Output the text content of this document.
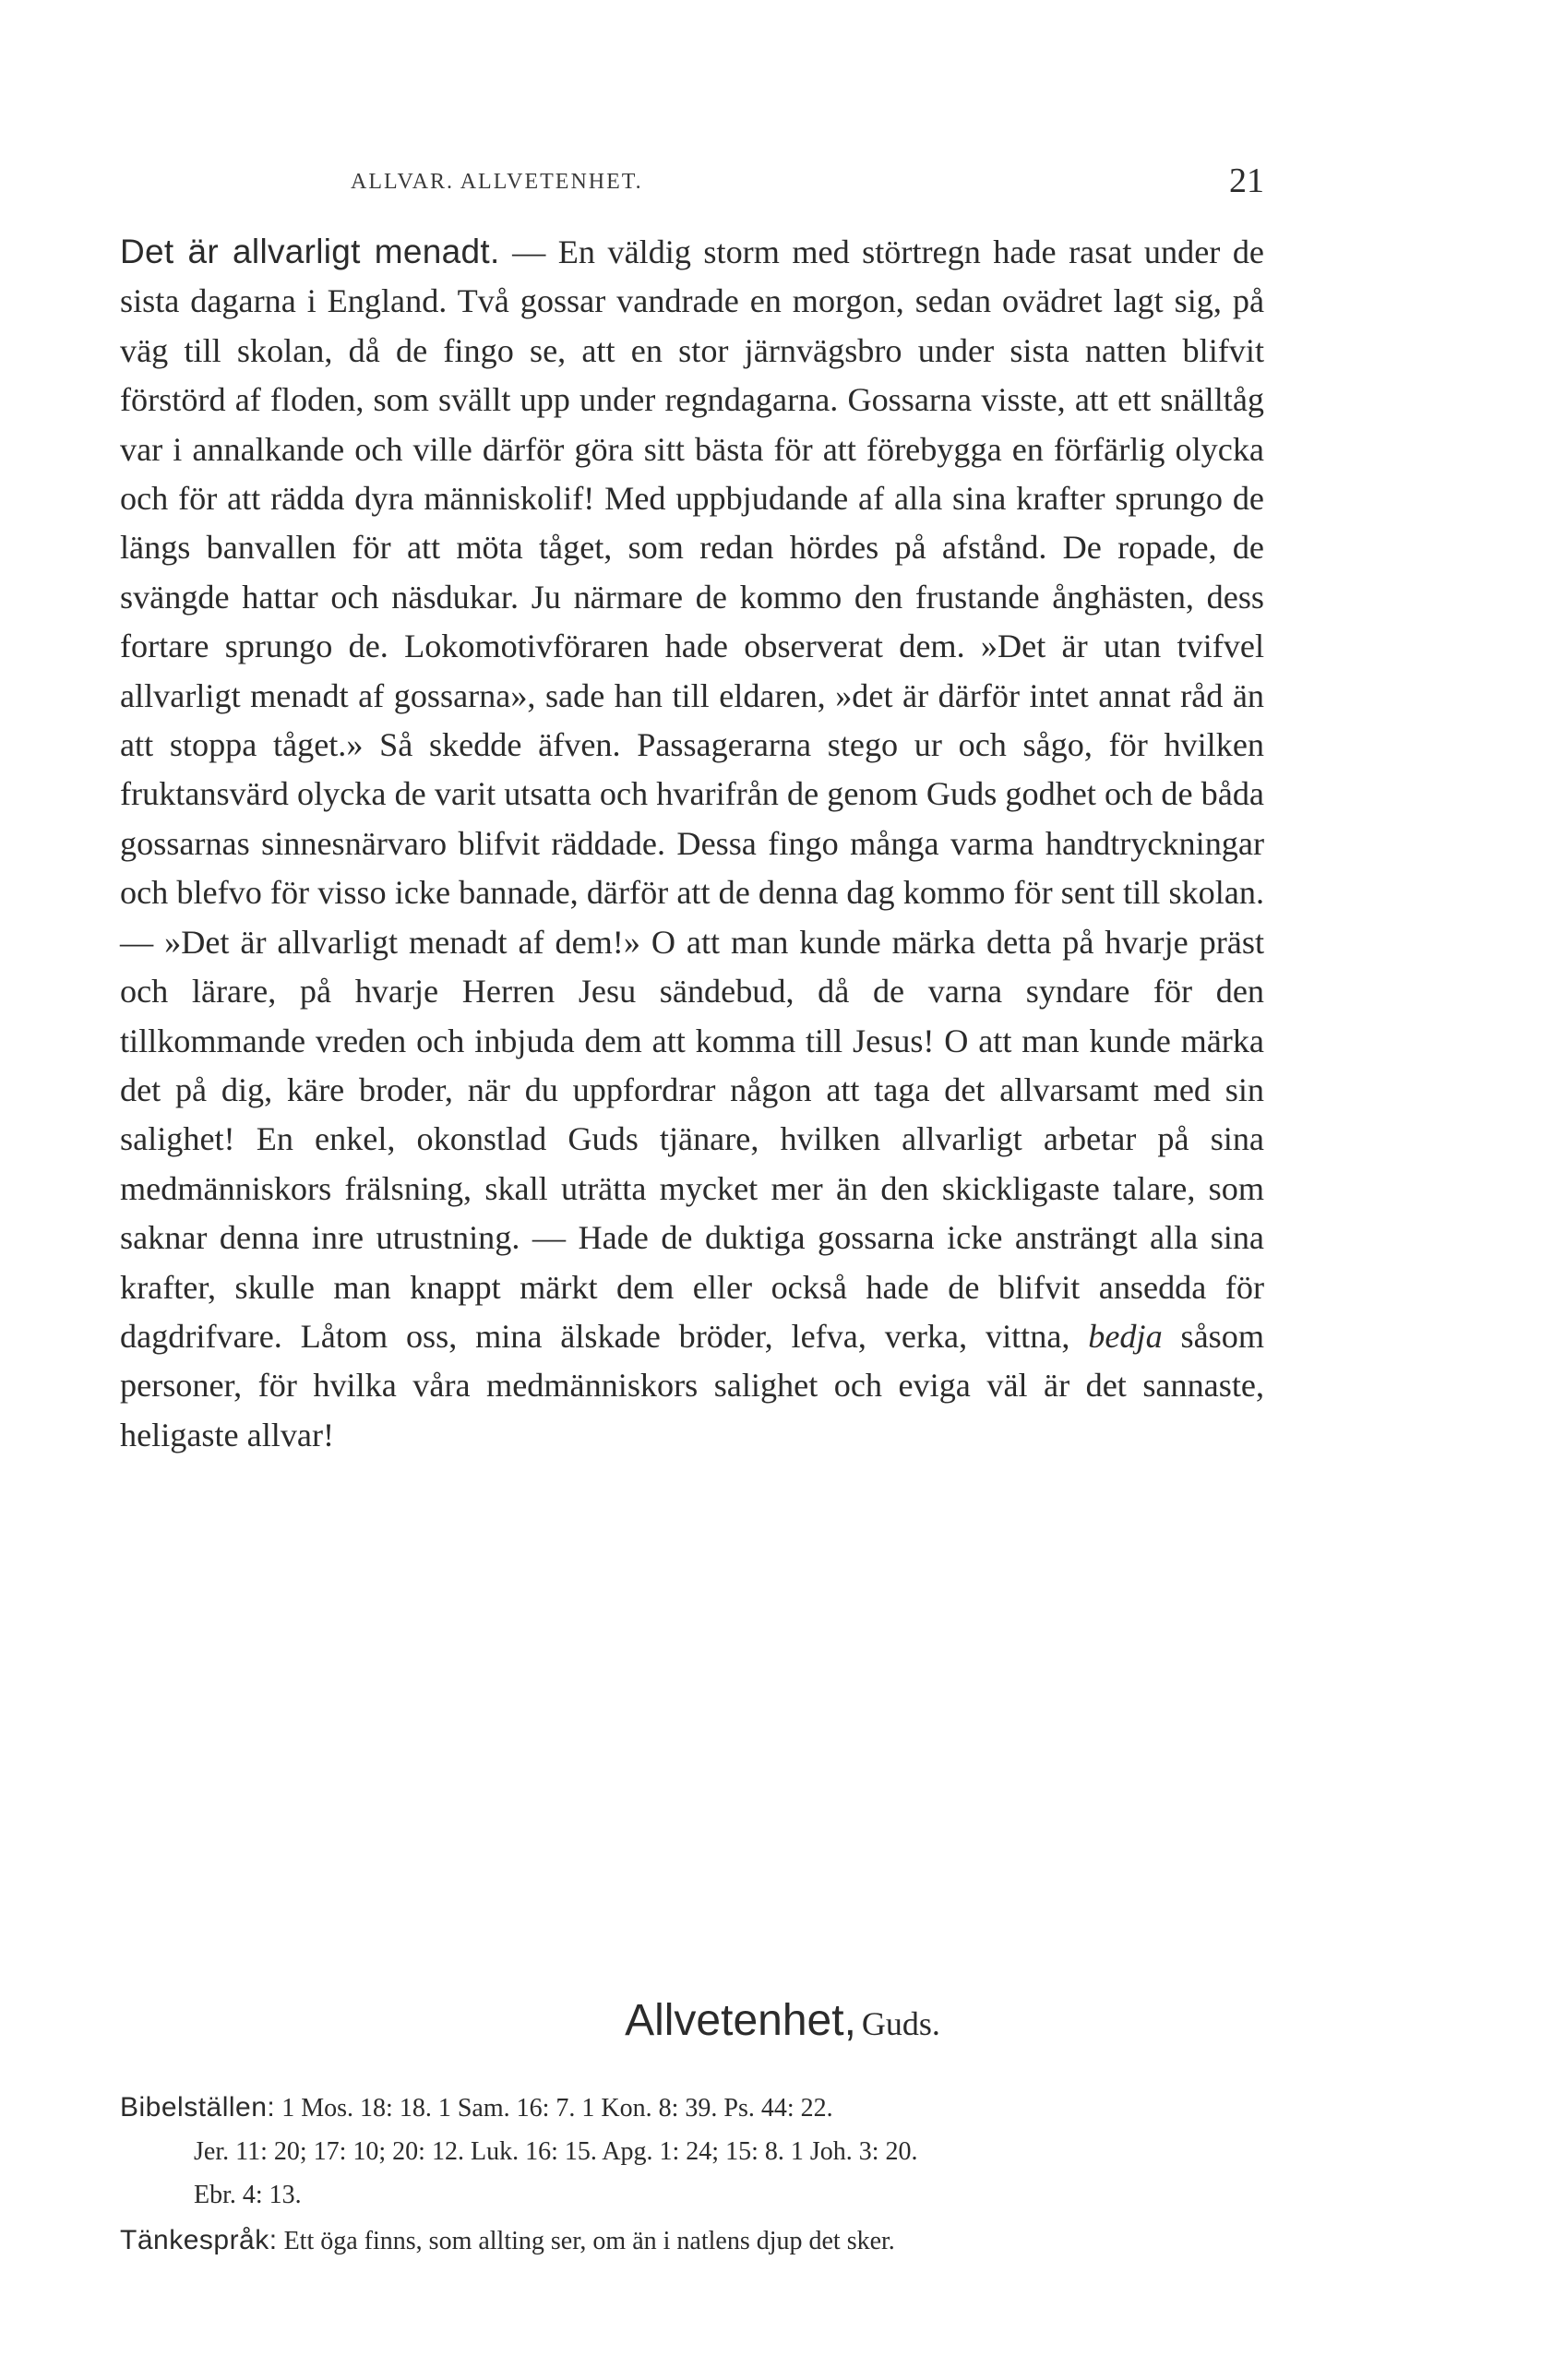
ALLVAR. ALLVETENHET.	21

Det är allvarligt menadt. — En väldig storm med störtregn hade rasat under de sista dagarna i England. Två gossar vandrade en morgon, sedan ovädret lagt sig, på väg till skolan, då de fingo se, att en stor järnvägsbro under sista natten blifvit förstörd af floden, som svällt upp under regndagarna. Gossarna visste, att ett snälltåg var i annalkande och ville därför göra sitt bästa för att förebygga en förfärlig olycka och för att rädda dyra människolif! Med uppbjudande af alla sina krafter sprungo de längs banvallen för att möta tåget, som redan hördes på afstånd. De ropade, de svängde hattar och näsdukar. Ju närmare de kommo den frustande ånghästen, dess fortare sprungo de. Lokomotivföraren hade observerat dem. »Det är utan tvifvel allvarligt menadt af gossarna», sade han till eldaren, »det är därför intet annat råd än att stoppa tåget.» Så skedde äfven. Passagerarna stego ur och sågo, för hvilken fruktansvärd olycka de varit utsatta och hvarifrån de genom Guds godhet och de båda gossarnas sinnesnärvaro blifvit räddade. Dessa fingo många varma handtryckningar och blefvo för visso icke bannade, därför att de denna dag kommo för sent till skolan. — »Det är allvarligt menadt af dem!» O att man kunde märka detta på hvarje präst och lärare, på hvarje Herren Jesu sändebud, då de varna syndare för den tillkommande vreden och inbjuda dem att komma till Jesus! O att man kunde märka det på dig, käre broder, när du uppfordrar någon att taga det allvarsamt med sin salighet! En enkel, okonstlad Guds tjänare, hvilken allvarligt arbetar på sina medmänniskors frälsning, skall uträtta mycket mer än den skickligaste talare, som saknar denna inre utrustning. — Hade de duktiga gossarna icke ansträngt alla sina krafter, skulle man knappt märkt dem eller också hade de blifvit ansedda för dagdrifvare. Låtom oss, mina älskade bröder, lefva, verka, vittna, bedja såsom personer, för hvilka våra medmänniskors salighet och eviga väl är det sannaste, heligaste allvar!

Allvetenhet, Guds.

Bibelställen: 1 Mos. 18: 18. 1 Sam. 16: 7. 1 Kon. 8: 39. Ps. 44: 22.
Jer. 11: 20; 17: 10; 20: 12. Luk. 16: 15. Apg. 1: 24; 15: 8. 1 Joh. 3: 20.
Ebr. 4: 13.

Tänkespråk: Ett öga finns, som allting ser, om än i natlens djup det sker.
